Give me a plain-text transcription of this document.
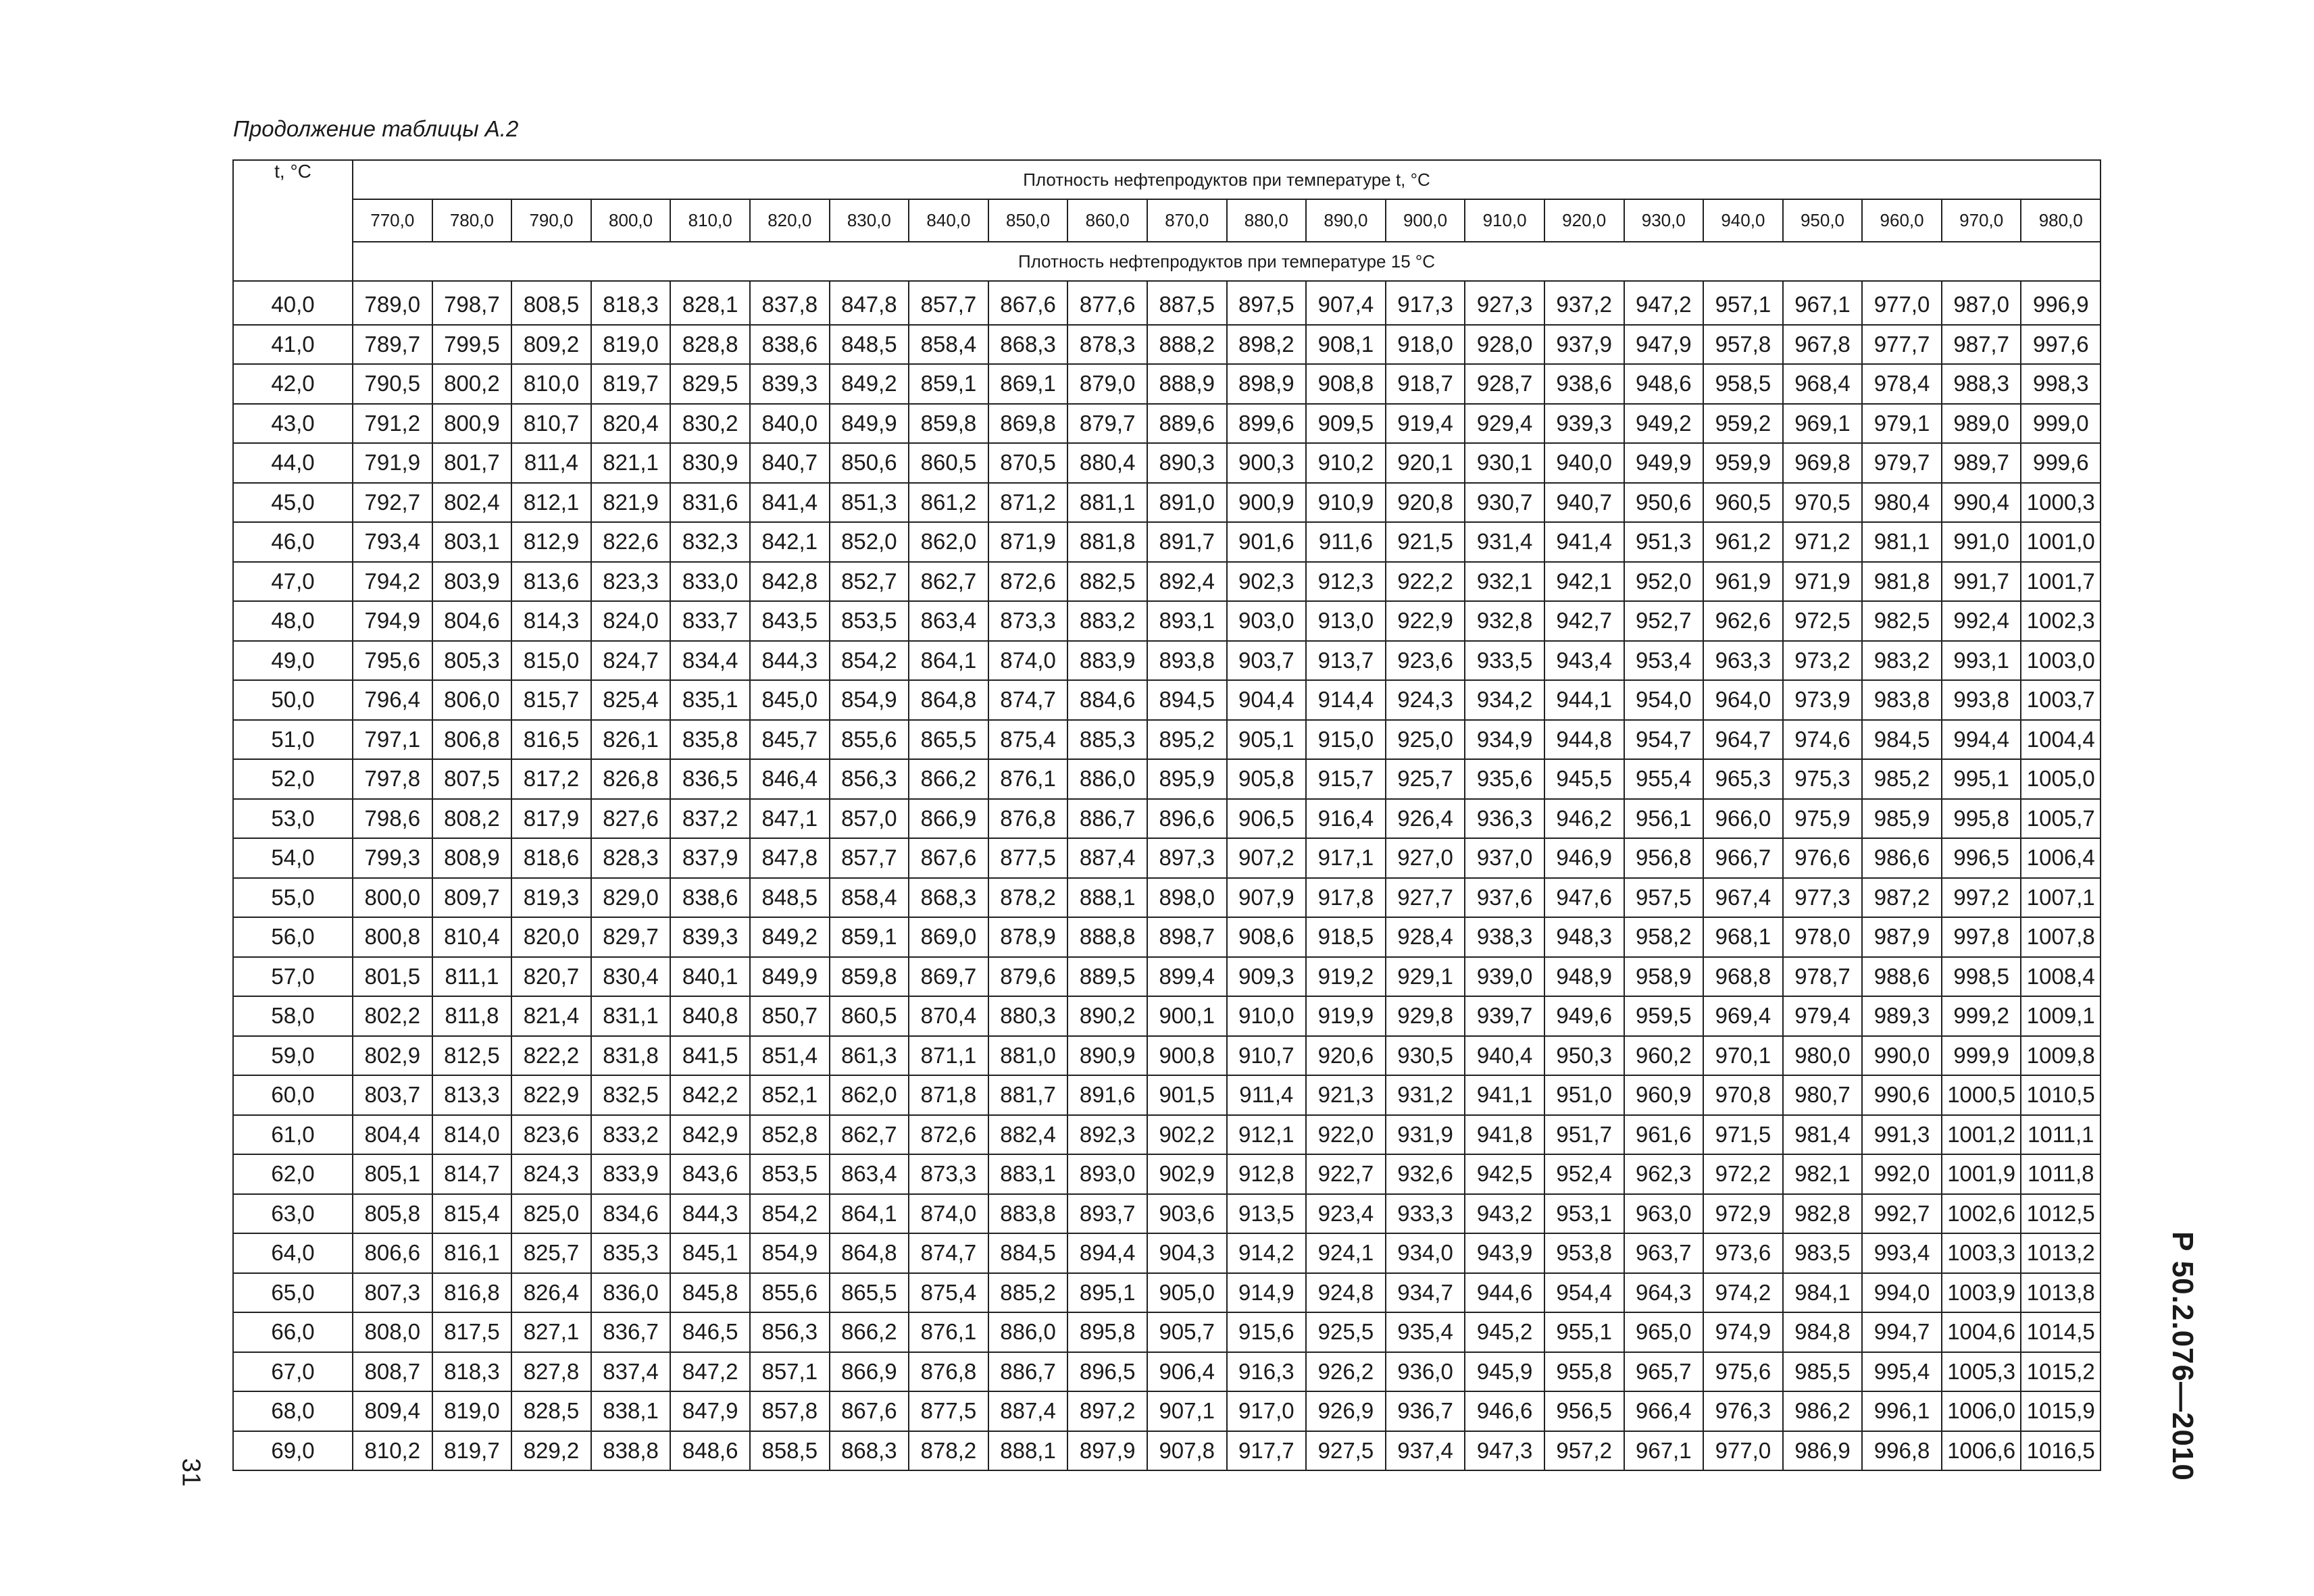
Продолжение таблицы А.2
t, °C	Плотность нефтепродуктов при температуре t, °C																					
	770,0	780,0	790,0	800,0	810,0	820,0	830,0	840,0	850,0	860,0	870,0	880,0	890,0	900,0	910,0	920,0	930,0	940,0	950,0	960,0	970,0	980,0
	Плотность нефтепродуктов при температуре 15 °C																					
40,0	789,0	798,7	808,5	818,3	828,1	837,8	847,8	857,7	867,6	877,6	887,5	897,5	907,4	917,3	927,3	937,2	947,2	957,1	967,1	977,0	987,0	996,9
41,0	789,7	799,5	809,2	819,0	828,8	838,6	848,5	858,4	868,3	878,3	888,2	898,2	908,1	918,0	928,0	937,9	947,9	957,8	967,8	977,7	987,7	997,6
42,0	790,5	800,2	810,0	819,7	829,5	839,3	849,2	859,1	869,1	879,0	888,9	898,9	908,8	918,7	928,7	938,6	948,6	958,5	968,4	978,4	988,3	998,3
43,0	791,2	800,9	810,7	820,4	830,2	840,0	849,9	859,8	869,8	879,7	889,6	899,6	909,5	919,4	929,4	939,3	949,2	959,2	969,1	979,1	989,0	999,0
44,0	791,9	801,7	811,4	821,1	830,9	840,7	850,6	860,5	870,5	880,4	890,3	900,3	910,2	920,1	930,1	940,0	949,9	959,9	969,8	979,7	989,7	999,6
45,0	792,7	802,4	812,1	821,9	831,6	841,4	851,3	861,2	871,2	881,1	891,0	900,9	910,9	920,8	930,7	940,7	950,6	960,5	970,5	980,4	990,4	1000,3
46,0	793,4	803,1	812,9	822,6	832,3	842,1	852,0	862,0	871,9	881,8	891,7	901,6	911,6	921,5	931,4	941,4	951,3	961,2	971,2	981,1	991,0	1001,0
47,0	794,2	803,9	813,6	823,3	833,0	842,8	852,7	862,7	872,6	882,5	892,4	902,3	912,3	922,2	932,1	942,1	952,0	961,9	971,9	981,8	991,7	1001,7
48,0	794,9	804,6	814,3	824,0	833,7	843,5	853,5	863,4	873,3	883,2	893,1	903,0	913,0	922,9	932,8	942,7	952,7	962,6	972,5	982,5	992,4	1002,3
49,0	795,6	805,3	815,0	824,7	834,4	844,3	854,2	864,1	874,0	883,9	893,8	903,7	913,7	923,6	933,5	943,4	953,4	963,3	973,2	983,2	993,1	1003,0
50,0	796,4	806,0	815,7	825,4	835,1	845,0	854,9	864,8	874,7	884,6	894,5	904,4	914,4	924,3	934,2	944,1	954,0	964,0	973,9	983,8	993,8	1003,7
51,0	797,1	806,8	816,5	826,1	835,8	845,7	855,6	865,5	875,4	885,3	895,2	905,1	915,0	925,0	934,9	944,8	954,7	964,7	974,6	984,5	994,4	1004,4
52,0	797,8	807,5	817,2	826,8	836,5	846,4	856,3	866,2	876,1	886,0	895,9	905,8	915,7	925,7	935,6	945,5	955,4	965,3	975,3	985,2	995,1	1005,0
53,0	798,6	808,2	817,9	827,6	837,2	847,1	857,0	866,9	876,8	886,7	896,6	906,5	916,4	926,4	936,3	946,2	956,1	966,0	975,9	985,9	995,8	1005,7
54,0	799,3	808,9	818,6	828,3	837,9	847,8	857,7	867,6	877,5	887,4	897,3	907,2	917,1	927,0	937,0	946,9	956,8	966,7	976,6	986,6	996,5	1006,4
55,0	800,0	809,7	819,3	829,0	838,6	848,5	858,4	868,3	878,2	888,1	898,0	907,9	917,8	927,7	937,6	947,6	957,5	967,4	977,3	987,2	997,2	1007,1
56,0	800,8	810,4	820,0	829,7	839,3	849,2	859,1	869,0	878,9	888,8	898,7	908,6	918,5	928,4	938,3	948,3	958,2	968,1	978,0	987,9	997,8	1007,8
57,0	801,5	811,1	820,7	830,4	840,1	849,9	859,8	869,7	879,6	889,5	899,4	909,3	919,2	929,1	939,0	948,9	958,9	968,8	978,7	988,6	998,5	1008,4
58,0	802,2	811,8	821,4	831,1	840,8	850,7	860,5	870,4	880,3	890,2	900,1	910,0	919,9	929,8	939,7	949,6	959,5	969,4	979,4	989,3	999,2	1009,1
59,0	802,9	812,5	822,2	831,8	841,5	851,4	861,3	871,1	881,0	890,9	900,8	910,7	920,6	930,5	940,4	950,3	960,2	970,1	980,0	990,0	999,9	1009,8
60,0	803,7	813,3	822,9	832,5	842,2	852,1	862,0	871,8	881,7	891,6	901,5	911,4	921,3	931,2	941,1	951,0	960,9	970,8	980,7	990,6	1000,5	1010,5
61,0	804,4	814,0	823,6	833,2	842,9	852,8	862,7	872,6	882,4	892,3	902,2	912,1	922,0	931,9	941,8	951,7	961,6	971,5	981,4	991,3	1001,2	1011,1
62,0	805,1	814,7	824,3	833,9	843,6	853,5	863,4	873,3	883,1	893,0	902,9	912,8	922,7	932,6	942,5	952,4	962,3	972,2	982,1	992,0	1001,9	1011,8
63,0	805,8	815,4	825,0	834,6	844,3	854,2	864,1	874,0	883,8	893,7	903,6	913,5	923,4	933,3	943,2	953,1	963,0	972,9	982,8	992,7	1002,6	1012,5
64,0	806,6	816,1	825,7	835,3	845,1	854,9	864,8	874,7	884,5	894,4	904,3	914,2	924,1	934,0	943,9	953,8	963,7	973,6	983,5	993,4	1003,3	1013,2
65,0	807,3	816,8	826,4	836,0	845,8	855,6	865,5	875,4	885,2	895,1	905,0	914,9	924,8	934,7	944,6	954,4	964,3	974,2	984,1	994,0	1003,9	1013,8
66,0	808,0	817,5	827,1	836,7	846,5	856,3	866,2	876,1	886,0	895,8	905,7	915,6	925,5	935,4	945,2	955,1	965,0	974,9	984,8	994,7	1004,6	1014,5
67,0	808,7	818,3	827,8	837,4	847,2	857,1	866,9	876,8	886,7	896,5	906,4	916,3	926,2	936,0	945,9	955,8	965,7	975,6	985,5	995,4	1005,3	1015,2
68,0	809,4	819,0	828,5	838,1	847,9	857,8	867,6	877,5	887,4	897,2	907,1	917,0	926,9	936,7	946,6	956,5	966,4	976,3	986,2	996,1	1006,0	1015,9
69,0	810,2	819,7	829,2	838,8	848,6	858,5	868,3	878,2	888,1	897,9	907,8	917,7	927,5	937,4	947,3	957,2	967,1	977,0	986,9	996,8	1006,6	1016,5 Р 50.2.076—2010
31
